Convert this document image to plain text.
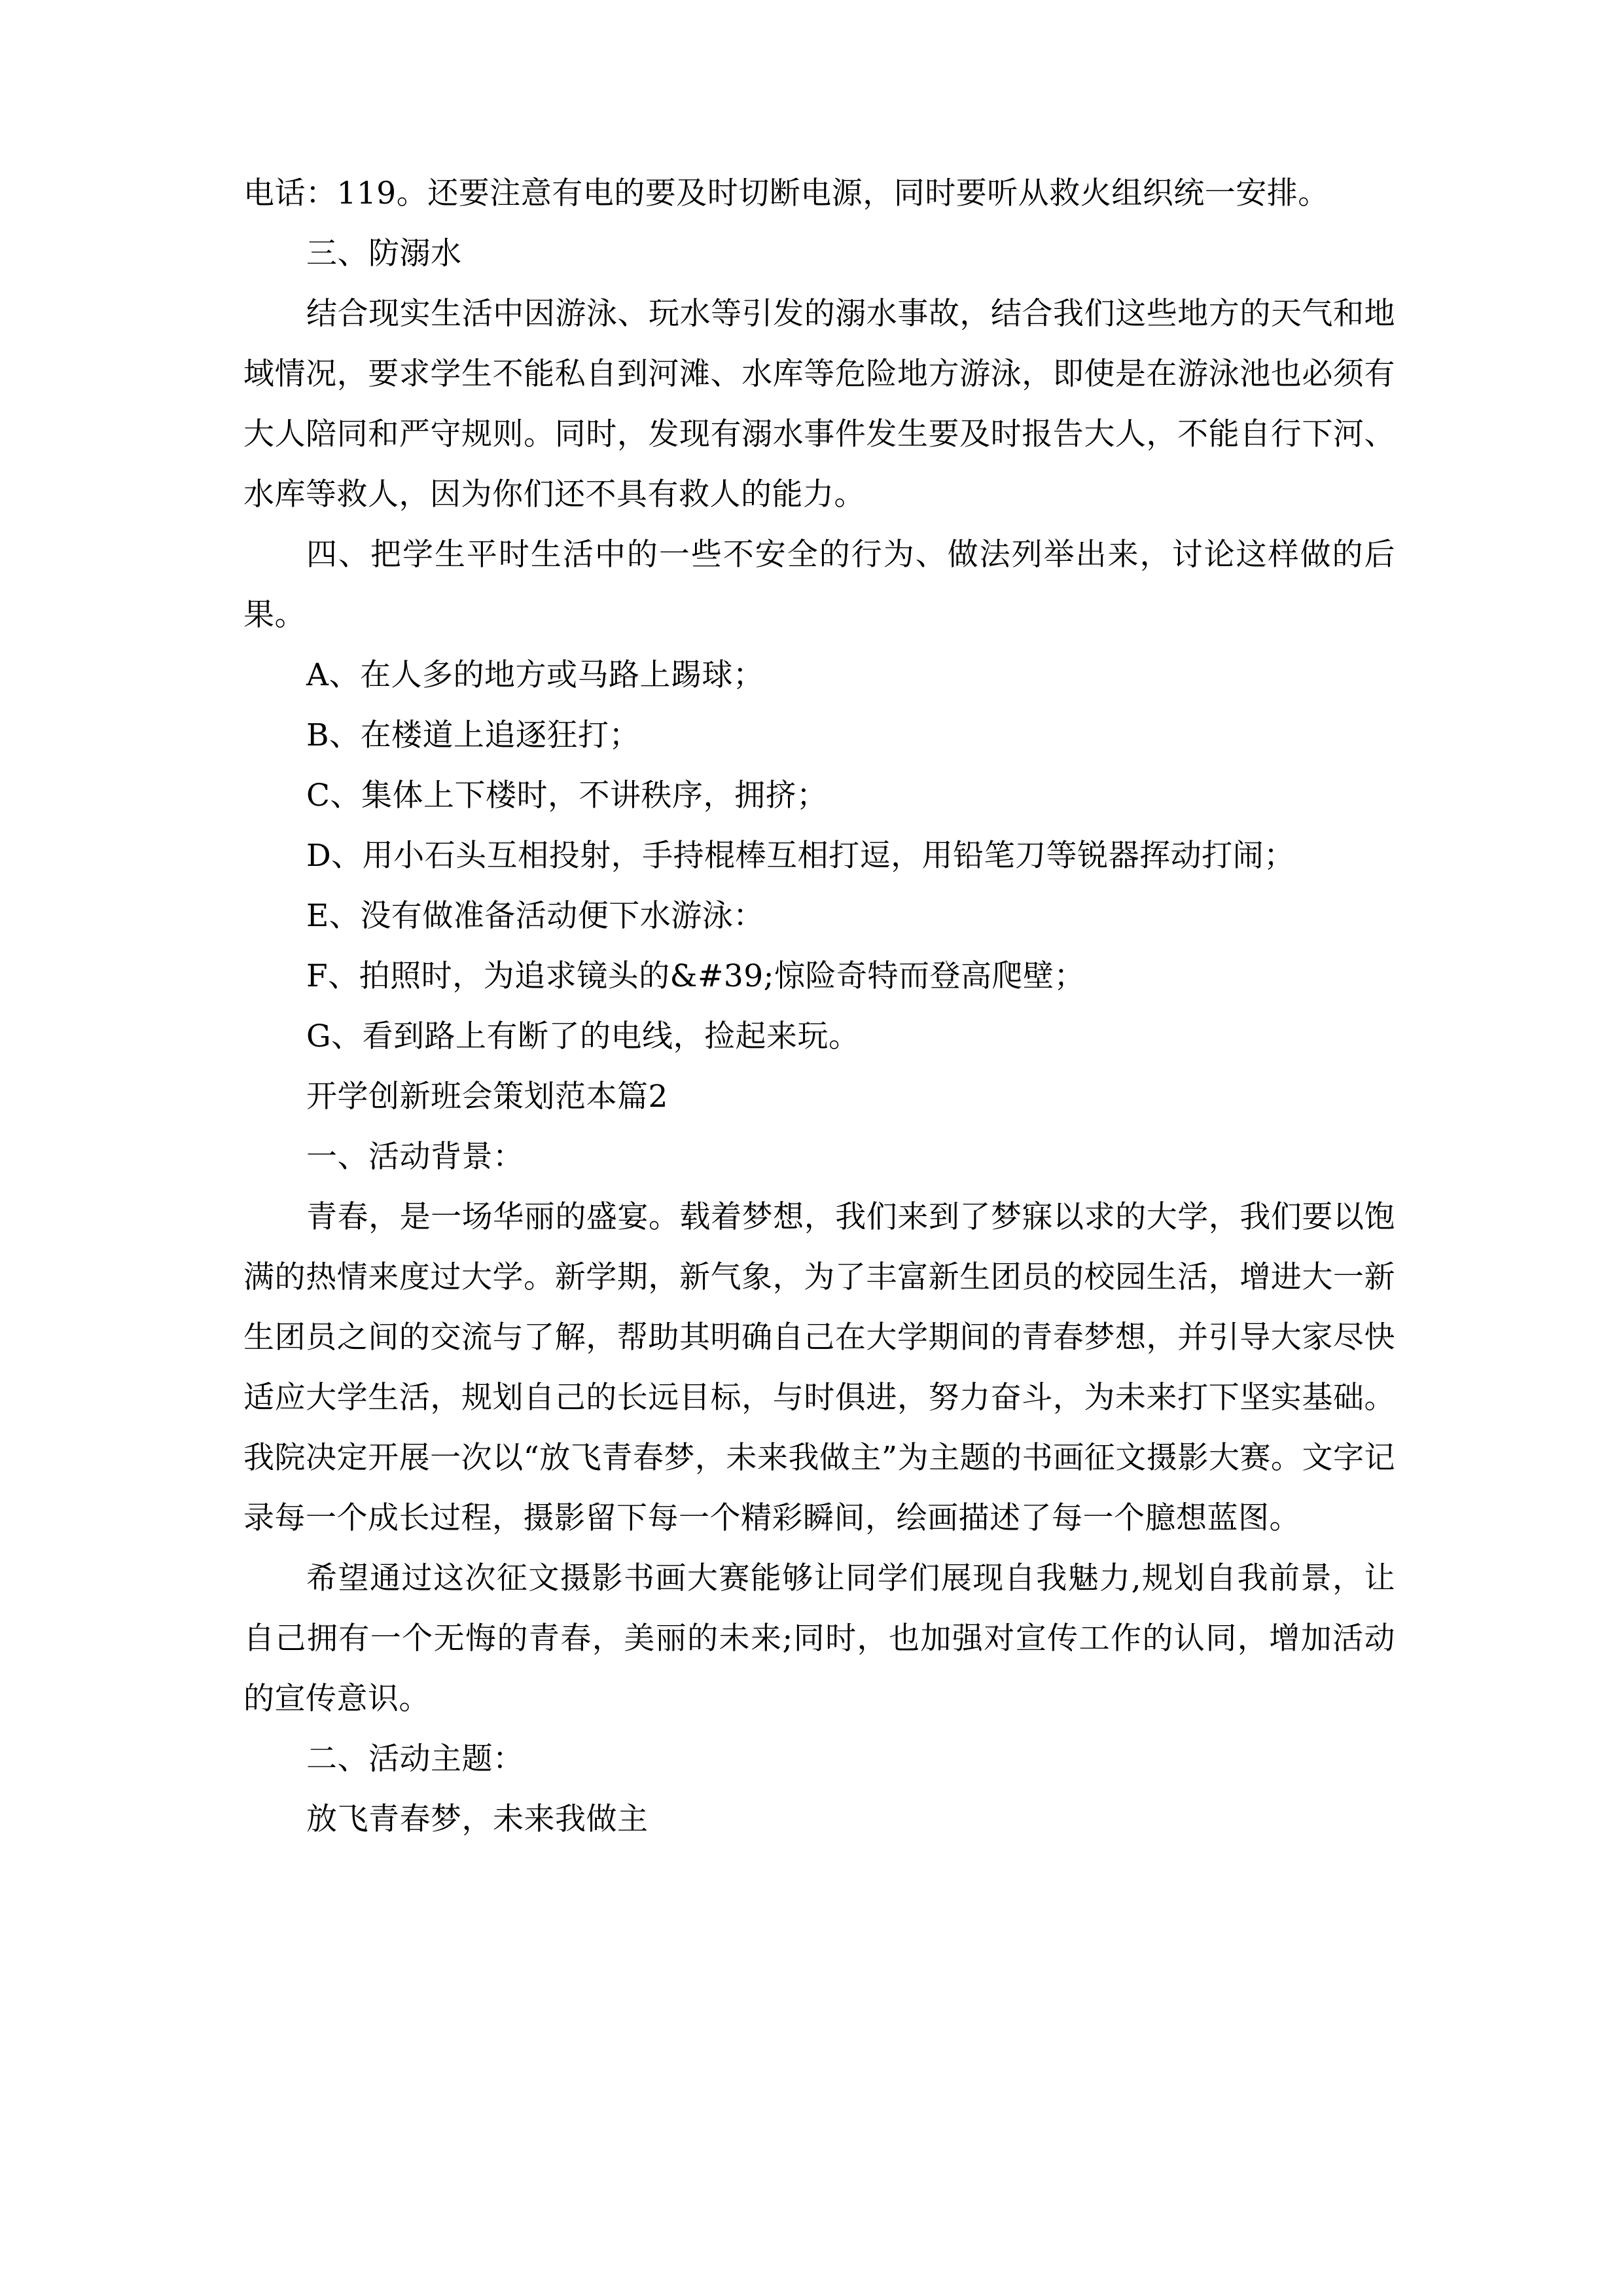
电话：119。还要注意有电的要及时切断电源，同时要听从救火组织统一安排。

三、防溺水

结合现实生活中因游泳、玩水等引发的溺水事故，结合我们这些地方的天气和地域情况，要求学生不能私自到河滩、水库等危险地方游泳，即使是在游泳池也必须有大人陪同和严守规则。同时，发现有溺水事件发生要及时报告大人，不能自行下河、水库等救人，因为你们还不具有救人的能力。

四、把学生平时生活中的一些不安全的行为、做法列举出来，讨论这样做的后果。

A、在人多的地方或马路上踢球；

B、在楼道上追逐狂打；

C、集体上下楼时，不讲秩序，拥挤；

D、用小石头互相投射，手持棍棒互相打逗，用铅笔刀等锐器挥动打闹；

E、没有做准备活动便下水游泳：

F、拍照时，为追求镜头的&#39;惊险奇特而登高爬壁；

G、看到路上有断了的电线，捡起来玩。

开学创新班会策划范本篇2

一、活动背景：

青春，是一场华丽的盛宴。载着梦想，我们来到了梦寐以求的大学，我们要以饱满的热情来度过大学。新学期，新气象，为了丰富新生团员的校园生活，增进大一新生团员之间的交流与了解，帮助其明确自己在大学期间的青春梦想，并引导大家尽快适应大学生活，规划自己的长远目标，与时俱进，努力奋斗，为未来打下坚实基础。我院决定开展一次以“放飞青春梦，未来我做主”为主题的书画征文摄影大赛。文字记录每一个成长过程，摄影留下每一个精彩瞬间，绘画描述了每一个臆想蓝图。

希望通过这次征文摄影书画大赛能够让同学们展现自我魅力,规划自我前景，让自己拥有一个无悔的青春，美丽的未来;同时，也加强对宣传工作的认同，增加活动的宣传意识。

二、活动主题：

放飞青春梦，未来我做主
